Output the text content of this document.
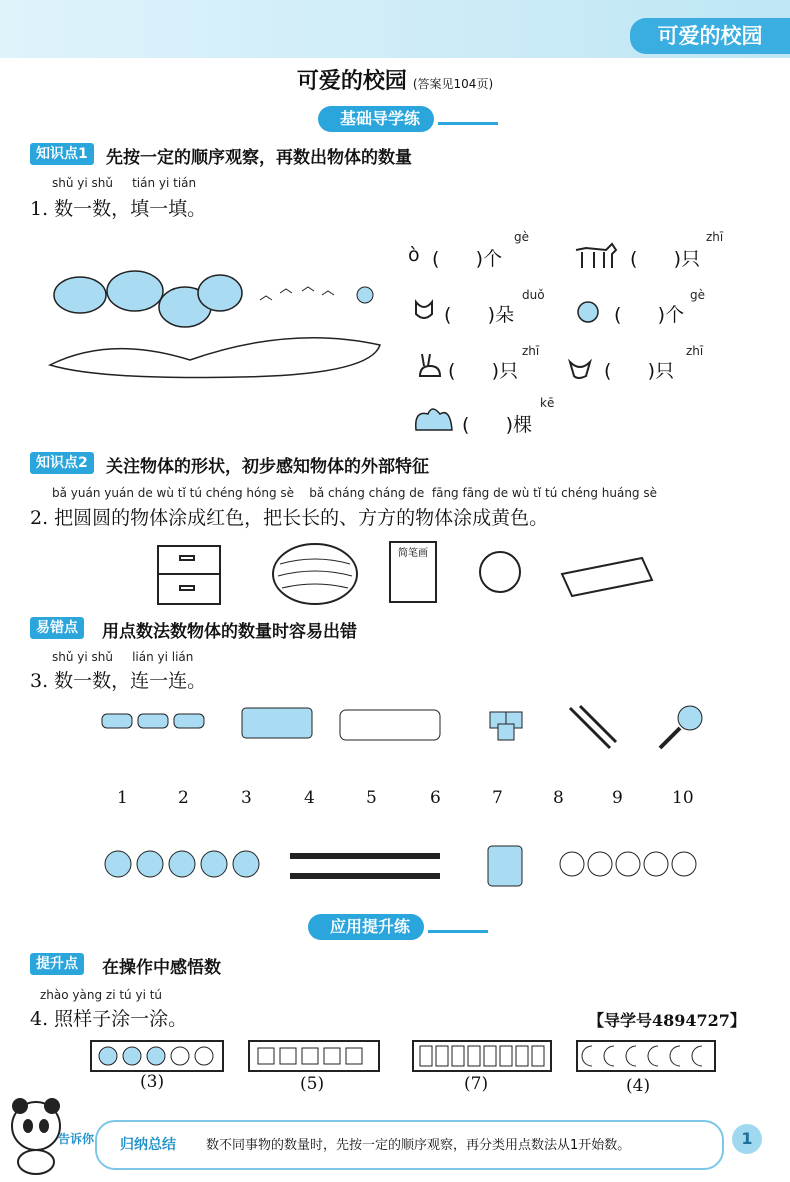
可爱的校园
可爱的校园 (答案见104页)
基础导学练
知识点1	先按一定的顺序观察，再数出物体的数量
shǔ yi shǔ     tián yi tián
1. 数一数，填一填。
gè
ò (      )个
zhī
(      )只
duǒ
(      )朵
gè
(      )个
zhī
(      )只
zhī
(      )只
kē
(      )棵
知识点2	关注物体的形状，初步感知物体的外部特征
bǎ yuán yuán de wù tǐ tú chéng hóng sè    bǎ cháng cháng de  fāng fāng de wù tǐ tú chéng huáng sè
2. 把圆圆的物体涂成红色，把长长的、方方的物体涂成黄色。
简笔画
易错点	用点数法数物体的数量时容易出错
shǔ yi shǔ     lián yi lián
3. 数一数，连一连。
1	2	3	4	5	6	7	8	9	10
应用提升练
提升点	在操作中感悟数
zhào yàng zi tú yi tú
4. 照样子涂一涂。	【导学号4894727】
(3)	(5)	(7)	(4)
告诉你 归纳总结 数不同事物的数量时，先按一定的顺序观察，再分类用点数法从1开始数。	1
